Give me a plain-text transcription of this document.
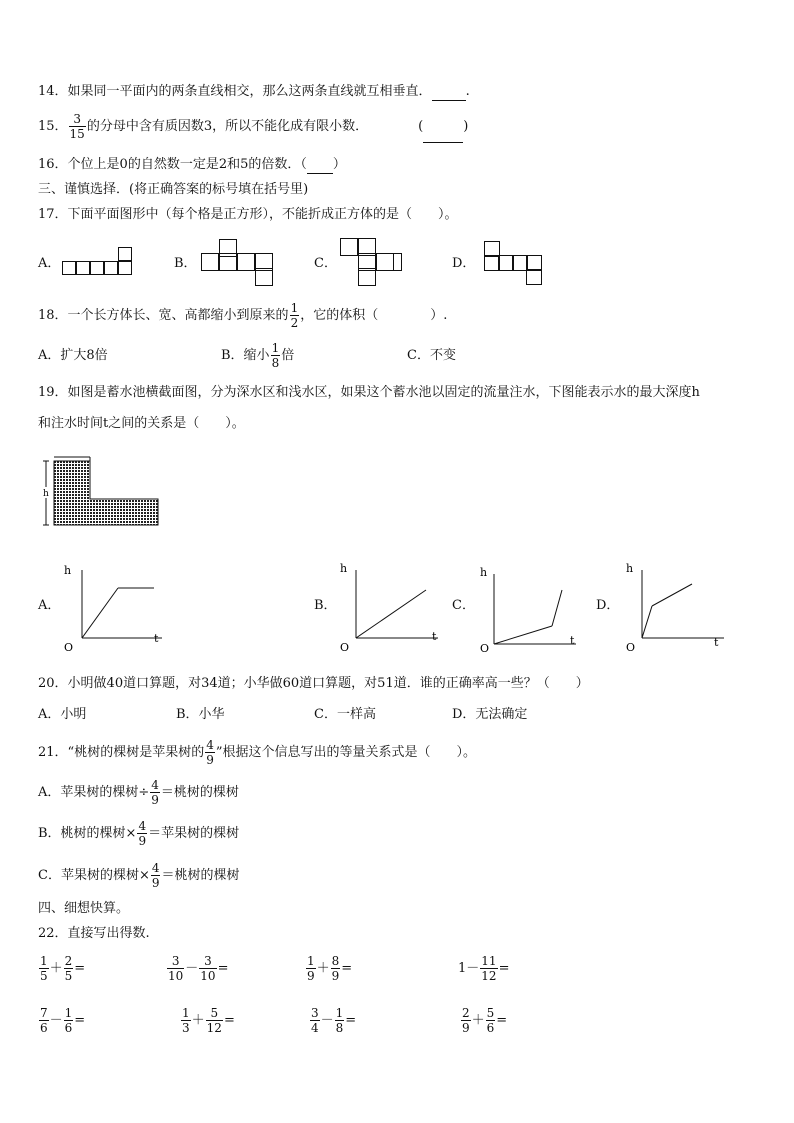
14．如果同一平面内的两条直线相交，那么这两条直线就互相垂直．	.
15． $\frac{3}{15}$ 的分母中含有质因数3，所以不能化成有限小数．	(	)
16．个位上是0的自然数一定是2和5的倍数．（ ）
三、谨慎选择．(将正确答案的标号填在括号里)
17．下面平面图形中（每个格是正方形），不能折成正方体的是（　　）。
A．	B．	C．	D．
18．一个长方体长、宽、高都缩小到原来的 $\frac{1}{2}$ ，它的体积（　　　　）.
A．扩大8倍	B．缩小 $\frac{1}{8}$ 倍	C．不变
19．如图是蓄水池横截面图，分为深水区和浅水区，如果这个蓄水池以固定的流量注水，下图能表示水的最大深度h
和注水时间t之间的关系是（　　）。
h
A．	B．	C．	D．
h
t
O
h
t
O
h
t
O
h
t
O
20．小明做40道口算题，对34道；小华做60道口算题，对51道．谁的正确率高一些？（　　）
A．小明	B．小华	C．一样高	D．无法确定
21．“桃树的棵树是苹果树的 $\frac{4}{9}$ ”根据这个信息写出的等量关系式是（　　）。
A．苹果树的棵树÷ $\frac{4}{9}$ ＝桃树的棵树
B．桃树的棵树× $\frac{4}{9}$ ＝苹果树的棵树
C．苹果树的棵树× $\frac{4}{9}$ ＝桃树的棵树
四、细想快算。
22．直接写出得数.
$\frac{1}{5} + \frac{2}{5}$ =	$\frac{3}{10} - \frac{3}{10}$ =	$\frac{1}{9} + \frac{8}{9}$ =	$1- \frac{11}{12}$ =
$\frac{7}{6} - \frac{1}{6}$ =	$\frac{1}{3} + \frac{5}{12}$ =	$\frac{3}{4} - \frac{1}{8}$ =	$\frac{2}{9} + \frac{5}{6}$ =
